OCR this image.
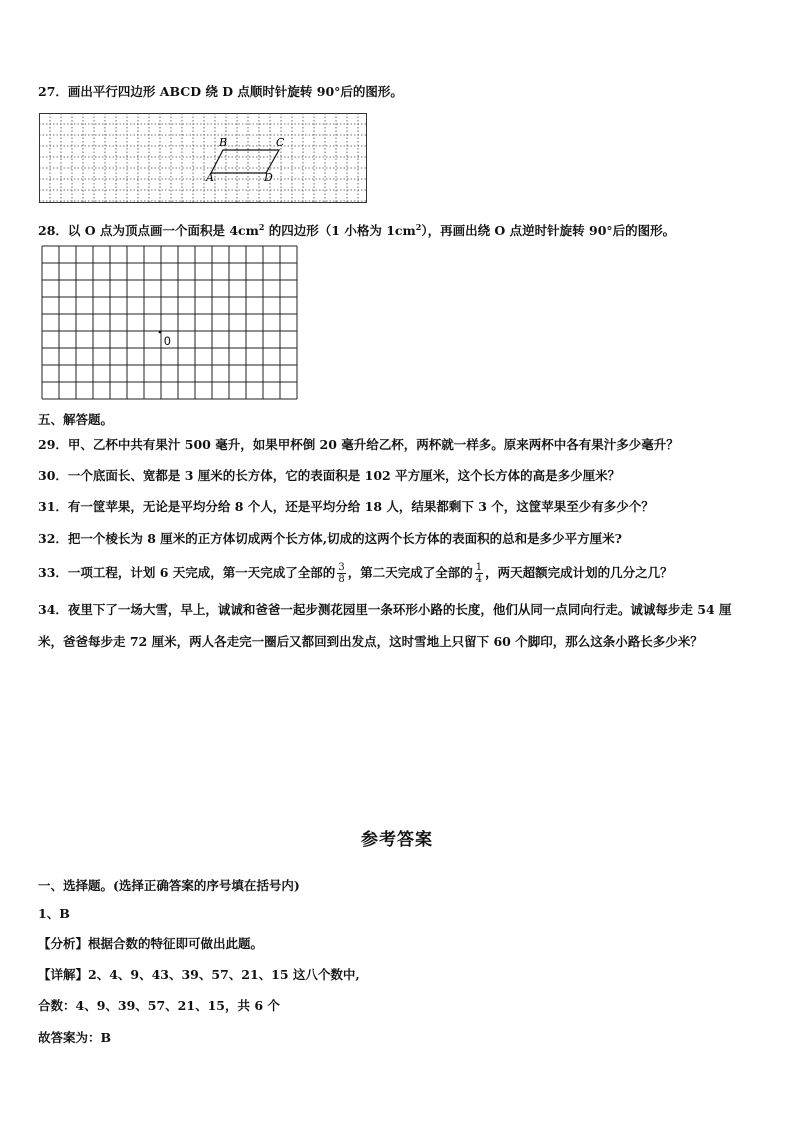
27．画出平行四边形 ABCD 绕 D 点顺时针旋转 90°后的图形。
B	C
A	D
28．以 O 点为顶点画一个面积是 $4cm^2$ 的四边形（1 小格为 $1cm^2$），再画出绕 O 点逆时针旋转 90°后的图形。
0
五、解答题。
29．甲、乙杯中共有果汁 500 毫升，如果甲杯倒 20 毫升给乙杯，两杯就一样多。原来两杯中各有果汁多少毫升？
30．一个底面长、宽都是 3 厘米的长方体，它的表面积是 102 平方厘米，这个长方体的高是多少厘米？
31．有一筐苹果，无论是平均分给 8 个人，还是平均分给 18 人，结果都剩下 3 个，这筐苹果至少有多少个？
32．把一个棱长为 8 厘米的正方体切成两个长方体,切成的这两个长方体的表面积的总和是多少平方厘米?
33．一项工程，计划 6 天完成，第一天完成了全部的 $\frac{3}{8}$ ，第二天完成了全部的 $\frac{1}{4}$ ，两天超额完成计划的几分之几？
34．夜里下了一场大雪，早上，诚诚和爸爸一起步测花园里一条环形小路的长度，他们从同一点同向行走。诚诚每步走 54 厘米，爸爸每步走 72 厘米，两人各走完一圈后又都回到出发点，这时雪地上只留下 60 个脚印，那么这条小路长多少米？
参考答案
一、选择题。(选择正确答案的序号填在括号内)
1、B
【分析】根据合数的特征即可做出此题。
【详解】2、4、9、43、39、57、21、15 这八个数中,
合数：4、9、39、57、21、15，共 6 个
故答案为：B
